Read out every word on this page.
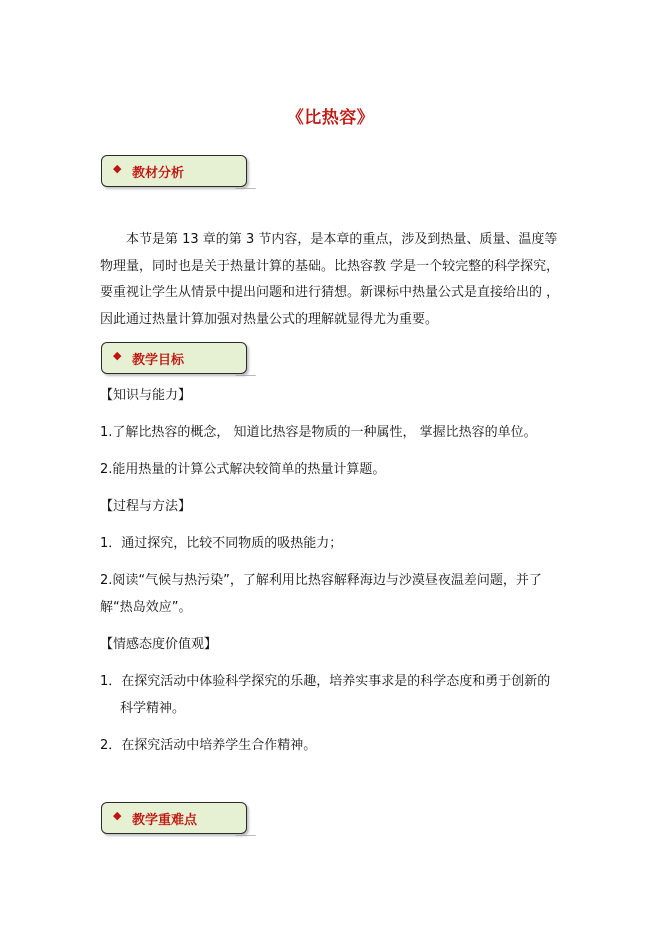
《比热容》
◆ 教材分析

本节是第 13 章的第 3 节内容，是本章的重点，涉及到热量、质量、温度等

物理量，同时也是关于热量计算的基础。比热容教 学是一个较完整的科学探究，

要重视让学生从情景中提出问题和进行猜想。新课标中热量公式是直接给出的 ，

因此通过热量计算加强对热量公式的理解就显得尤为重要。

◆ 教学目标
【知识与能力】
1.了解比热容的概念， 知道比热容是物质的一种属性， 掌握比热容的单位。
2.能用热量的计算公式解决较简单的热量计算题。
【过程与方法】
1．通过探究，比较不同物质的吸热能力；
2.阅读“气候与热污染”，了解利用比热容解释海边与沙漠昼夜温差问题，并了
解“热岛效应”。
【情感态度价值观】
1．在探究活动中体验科学探究的乐趣，培养实事求是的科学态度和勇于创新的
科学精神。
2．在探究活动中培养学生合作精神。
◆ 教学重难点
